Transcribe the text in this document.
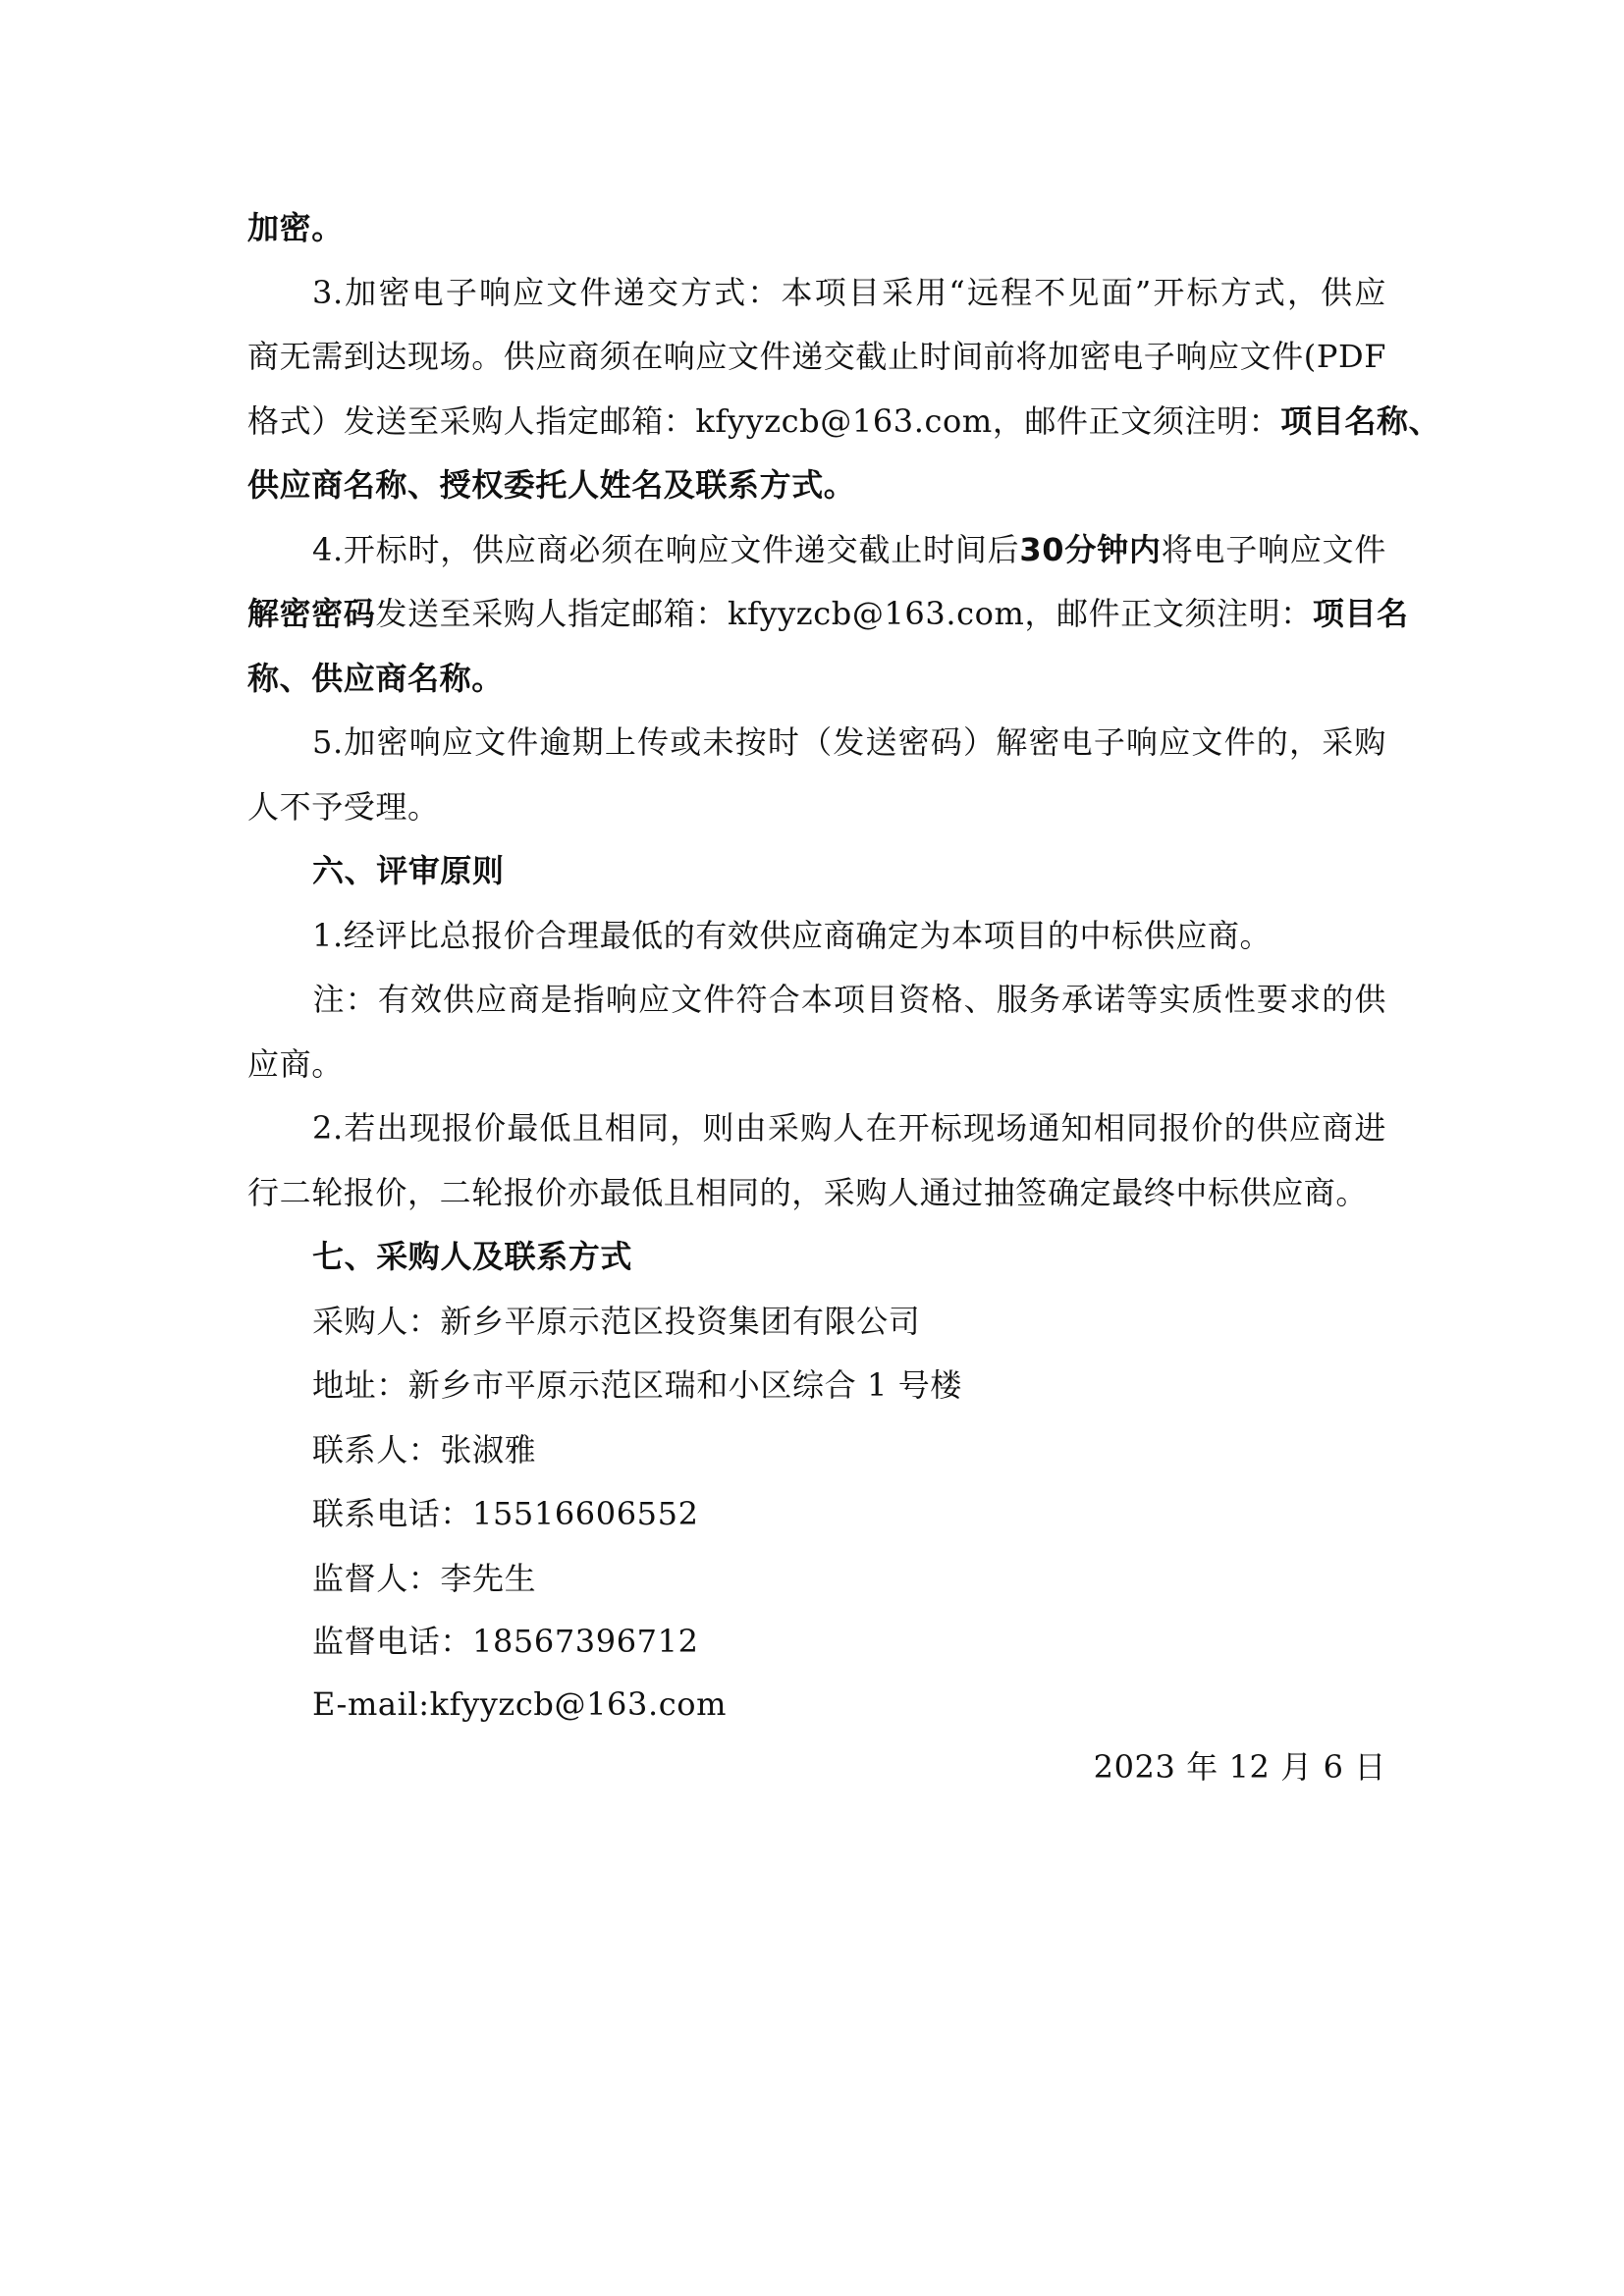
加密。
3.加密电子响应文件递交方式：本项目采用“远程不见面”开标方式，供应
商无需到达现场。供应商须在响应文件递交截止时间前将加密电子响应文件(PDF
格式）发送至采购人指定邮箱：kfyyzcb@163.com，邮件正文须注明：项目名称、
供应商名称、授权委托人姓名及联系方式。
4.开标时，供应商必须在响应文件递交截止时间后30分钟内将电子响应文件
解密密码发送至采购人指定邮箱：kfyyzcb@163.com，邮件正文须注明：项目名
称、供应商名称。
5.加密响应文件逾期上传或未按时（发送密码）解密电子响应文件的，采购
人不予受理。
六、评审原则
1.经评比总报价合理最低的有效供应商确定为本项目的中标供应商。
注：有效供应商是指响应文件符合本项目资格、服务承诺等实质性要求的供
应商。
2.若出现报价最低且相同，则由采购人在开标现场通知相同报价的供应商进
行二轮报价，二轮报价亦最低且相同的，采购人通过抽签确定最终中标供应商。
七、采购人及联系方式
采购人：新乡平原示范区投资集团有限公司
地址：新乡市平原示范区瑞和小区综合 1 号楼
联系人：张淑雅
联系电话：15516606552
监督人：李先生
监督电话：18567396712
E-mail:kfyyzcb@163.com
2023 年 12 月 6 日
